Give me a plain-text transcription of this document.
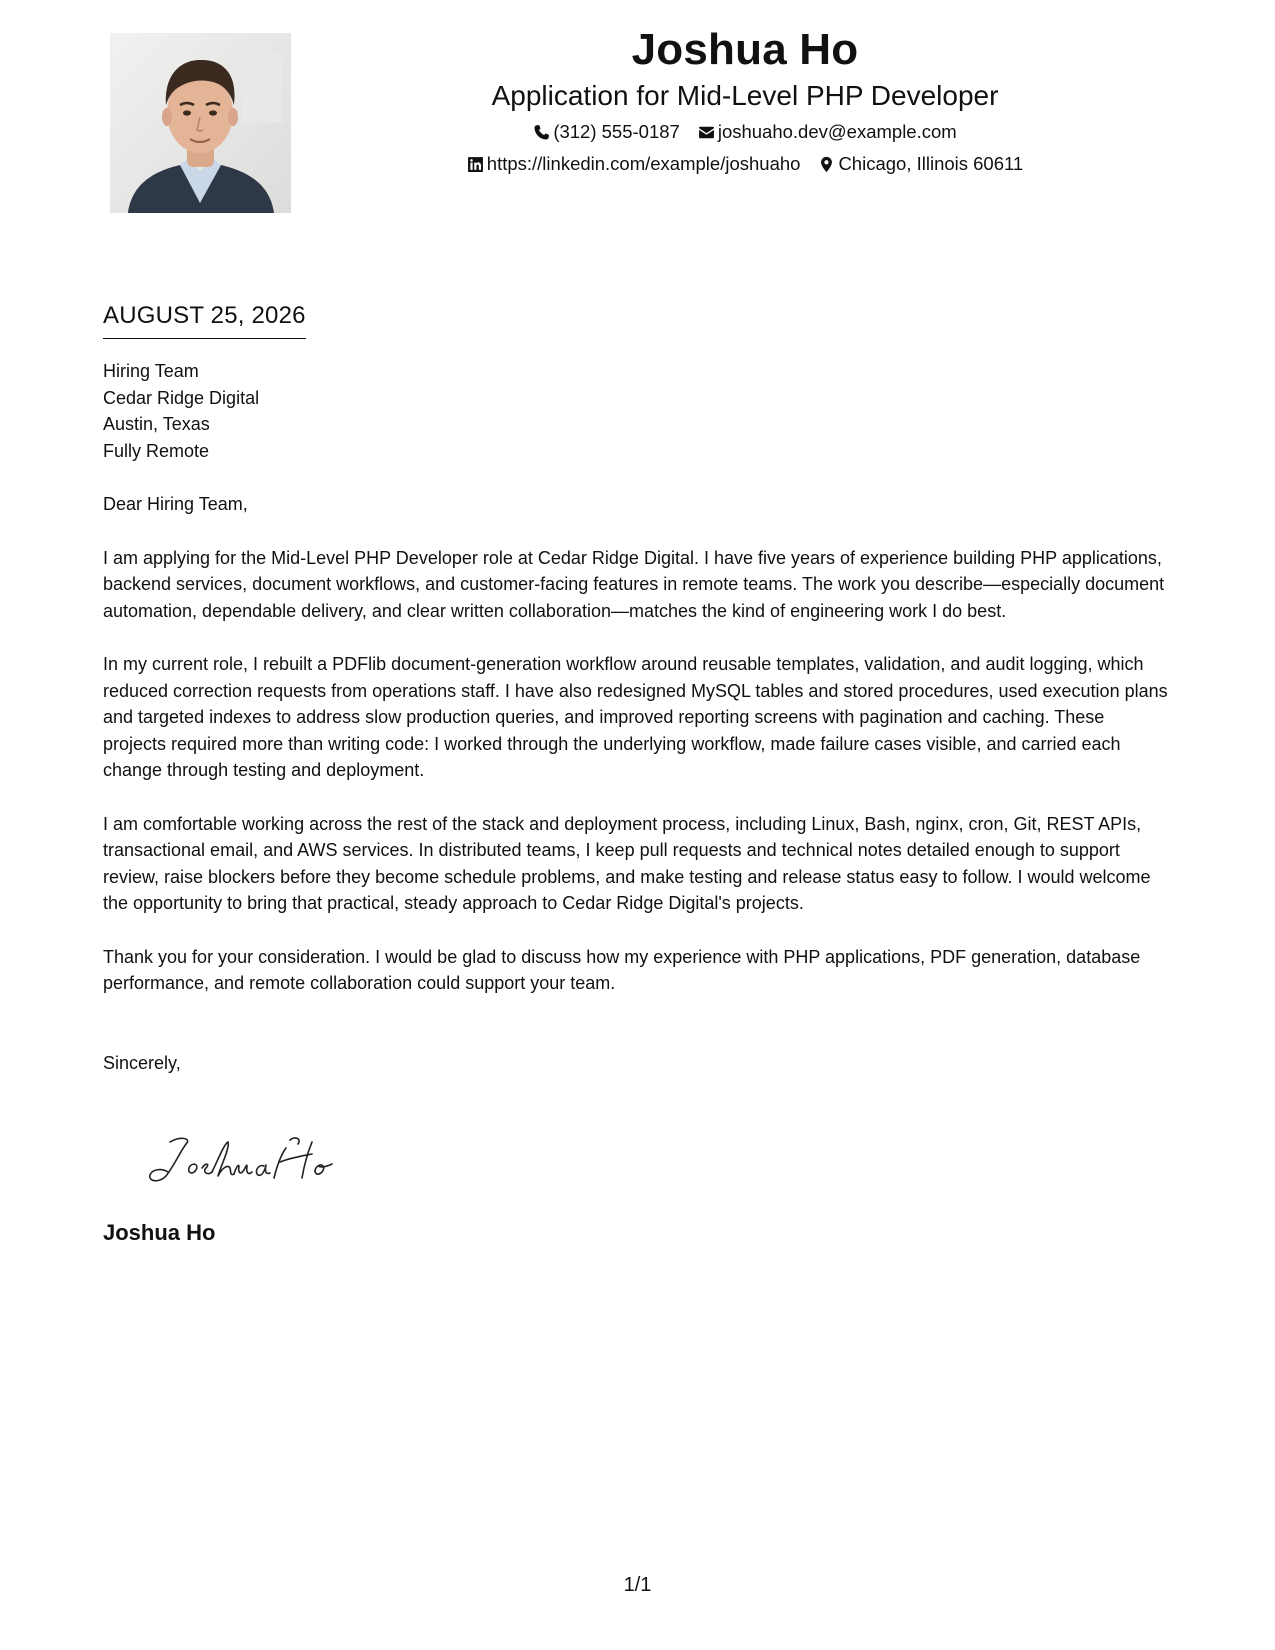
Joshua Ho
Application for Mid-Level PHP Developer
(312) 555-0187 joshuaho.dev@example.com
https://linkedin.com/example/joshuaho Chicago, Illinois 60611
AUGUST 25, 2026
Hiring Team
Cedar Ridge Digital
Austin, Texas
Fully Remote
Dear Hiring Team,
I am applying for the Mid-Level PHP Developer role at Cedar Ridge Digital. I have five years of experience building PHP applications, backend services, document workflows, and customer-facing features in remote teams. The work you describe—especially document automation, dependable delivery, and clear written collaboration—matches the kind of engineering work I do best.
In my current role, I rebuilt a PDFlib document-generation workflow around reusable templates, validation, and audit logging, which reduced correction requests from operations staff. I have also redesigned MySQL tables and stored procedures, used execution plans and targeted indexes to address slow production queries, and improved reporting screens with pagination and caching. These projects required more than writing code: I worked through the underlying workflow, made failure cases visible, and carried each change through testing and deployment.
I am comfortable working across the rest of the stack and deployment process, including Linux, Bash, nginx, cron, Git, REST APIs, transactional email, and AWS services. In distributed teams, I keep pull requests and technical notes detailed enough to support review, raise blockers before they become schedule problems, and make testing and release status easy to follow. I would welcome the opportunity to bring that practical, steady approach to Cedar Ridge Digital's projects.
Thank you for your consideration. I would be glad to discuss how my experience with PHP applications, PDF generation, database performance, and remote collaboration could support your team.
Sincerely,
Joshua Ho
1/1
